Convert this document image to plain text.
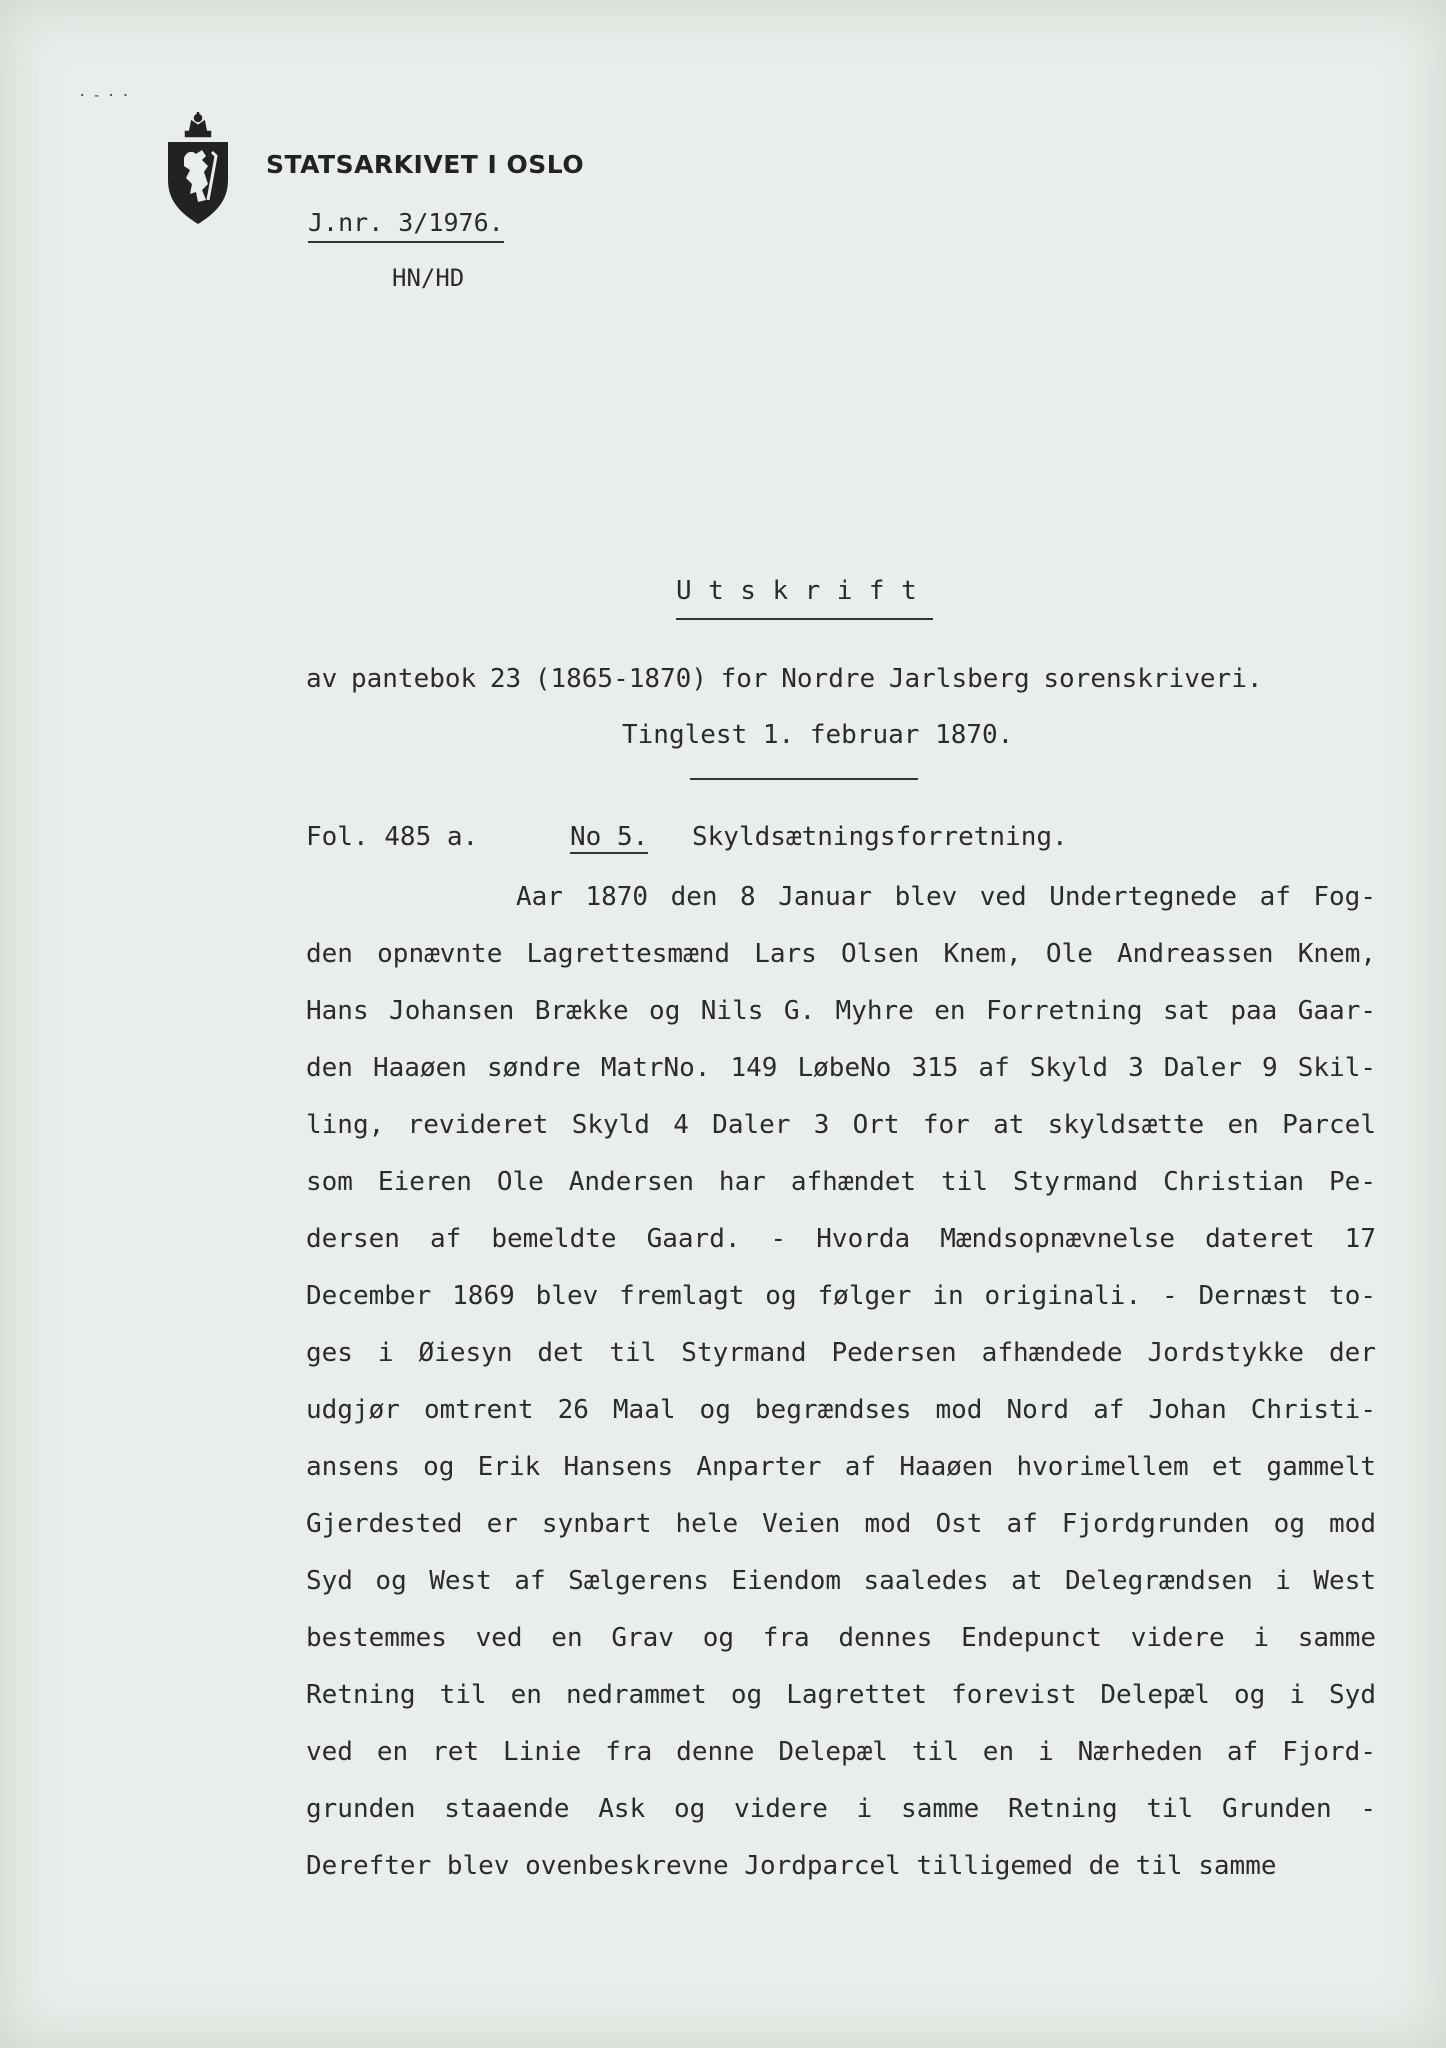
·-··
STATSARKIVET I OSLO
J.nr. 3/1976.
HN/HD
Utskrift
av pantebok 23 (1865-1870) for Nordre Jarlsberg sorenskriveri.
Tinglest 1. februar 1870.
Fol. 485 a.	No 5. Skyldsætningsforretning.
Aar 1870 den 8 Januar blev ved Undertegnede af Fog-
den opnævnte Lagrettesmænd Lars Olsen Knem, Ole Andreassen Knem,
Hans Johansen Brække og Nils G. Myhre en Forretning sat paa Gaar-
den Haaøen søndre MatrNo. 149 LøbeNo 315 af Skyld 3 Daler 9 Skil-
ling, revideret Skyld 4 Daler 3 Ort for at skyldsætte en Parcel
som Eieren Ole Andersen har afhændet til Styrmand Christian Pe-
dersen af bemeldte Gaard. - Hvorda Mændsopnævnelse dateret 17
December 1869 blev fremlagt og følger in originali. - Dernæst to-
ges i Øiesyn det til Styrmand Pedersen afhændede Jordstykke der
udgjør omtrent 26 Maal og begrændses mod Nord af Johan Christi-
ansens og Erik Hansens Anparter af Haaøen hvorimellem et gammelt
Gjerdested er synbart hele Veien mod Ost af Fjordgrunden og mod
Syd og West af Sælgerens Eiendom saaledes at Delegrændsen i West
bestemmes ved en Grav og fra dennes Endepunct videre i samme
Retning til en nedrammet og Lagrettet forevist Delepæl og i Syd
ved en ret Linie fra denne Delepæl til en i Nærheden af Fjord-
grunden staaende Ask og videre i samme Retning til Grunden -
Derefter blev ovenbeskrevne Jordparcel tilligemed de til samme
